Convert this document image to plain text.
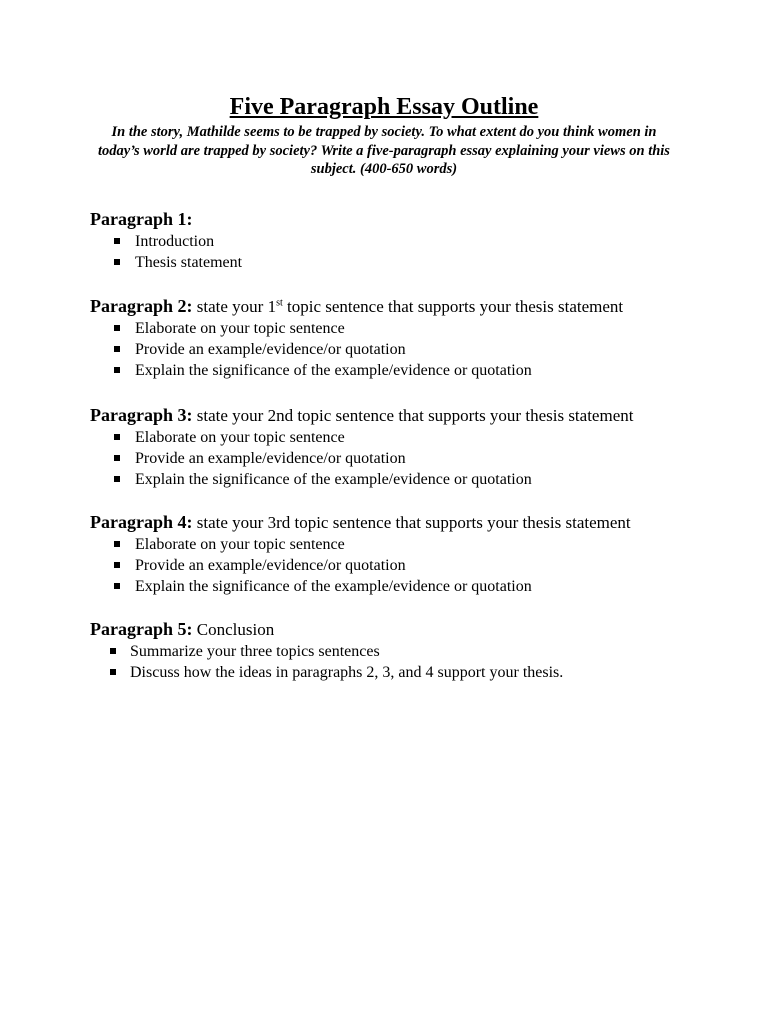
Five Paragraph Essay Outline
In the story, Mathilde seems to be trapped by society. To what extent do you think women in today’s world are trapped by society? Write a five-paragraph essay explaining your views on this subject. (400-650 words)
Paragraph 1:
Introduction
Thesis statement
Paragraph 2: state your 1st topic sentence that supports your thesis statement
Elaborate on your topic sentence
Provide an example/evidence/or quotation
Explain the significance of the example/evidence or quotation
Paragraph 3: state your 2nd topic sentence that supports your thesis statement
Elaborate on your topic sentence
Provide an example/evidence/or quotation
Explain the significance of the example/evidence or quotation
Paragraph 4: state your 3rd topic sentence that supports your thesis statement
Elaborate on your topic sentence
Provide an example/evidence/or quotation
Explain the significance of the example/evidence or quotation
Paragraph 5: Conclusion
Summarize your three topics sentences
Discuss how the ideas in paragraphs 2, 3, and 4 support your thesis.
